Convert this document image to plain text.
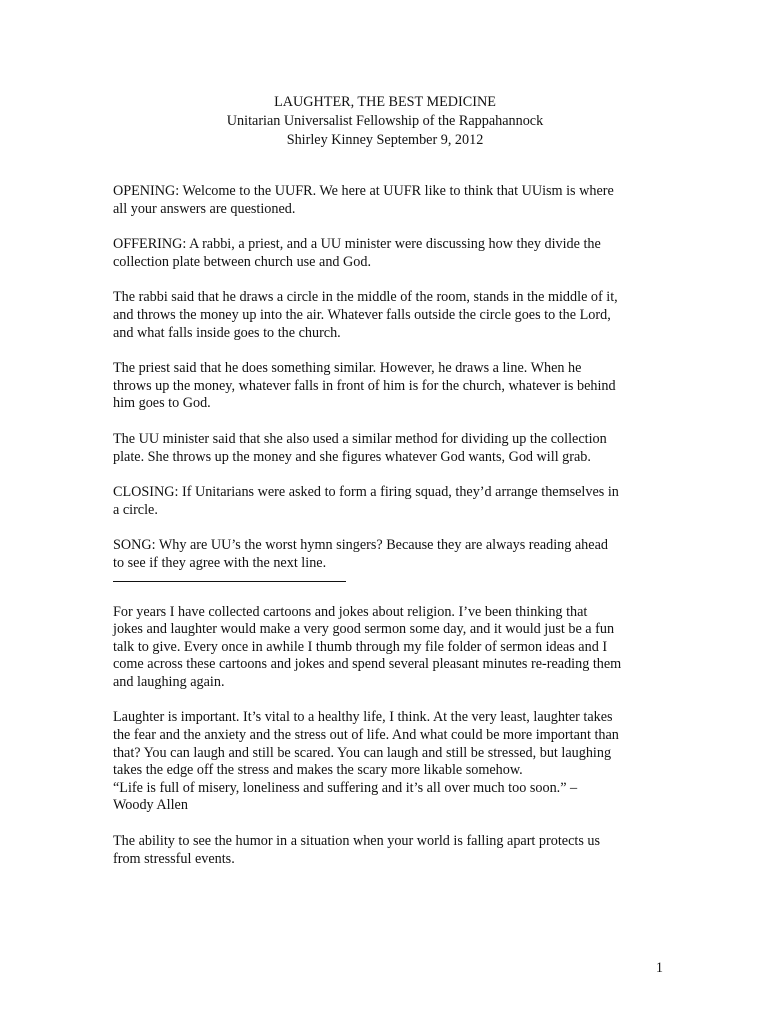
LAUGHTER, THE BEST MEDICINE
Unitarian Universalist Fellowship of the Rappahannock
Shirley Kinney September 9, 2012

OPENING: Welcome to the UUFR. We here at UUFR like to think that UUism is where
all your answers are questioned.

OFFERING: A rabbi, a priest, and a UU minister were discussing how they divide the
collection plate between church use and God.

The rabbi said that he draws a circle in the middle of the room, stands in the middle of it,
and throws the money up into the air. Whatever falls outside the circle goes to the Lord,
and what falls inside goes to the church.

The priest said that he does something similar. However, he draws a line. When he
throws up the money, whatever falls in front of him is for the church, whatever is behind
him goes to God.

The UU minister said that she also used a similar method for dividing up the collection
plate. She throws up the money and she figures whatever God wants, God will grab.

CLOSING: If Unitarians were asked to form a firing squad, they’d arrange themselves in
a circle.

SONG: Why are UU’s the worst hymn singers? Because they are always reading ahead
to see if they agree with the next line.

For years I have collected cartoons and jokes about religion. I’ve been thinking that
jokes and laughter would make a very good sermon some day, and it would just be a fun
talk to give. Every once in awhile I thumb through my file folder of sermon ideas and I
come across these cartoons and jokes and spend several pleasant minutes re-reading them
and laughing again.

Laughter is important. It’s vital to a healthy life, I think. At the very least, laughter takes
the fear and the anxiety and the stress out of life. And what could be more important than
that? You can laugh and still be scared. You can laugh and still be stressed, but laughing
takes the edge off the stress and makes the scary more likable somehow.
“Life is full of misery, loneliness and suffering and it’s all over much too soon.” –
Woody Allen

The ability to see the humor in a situation when your world is falling apart protects us
from stressful events.

1
